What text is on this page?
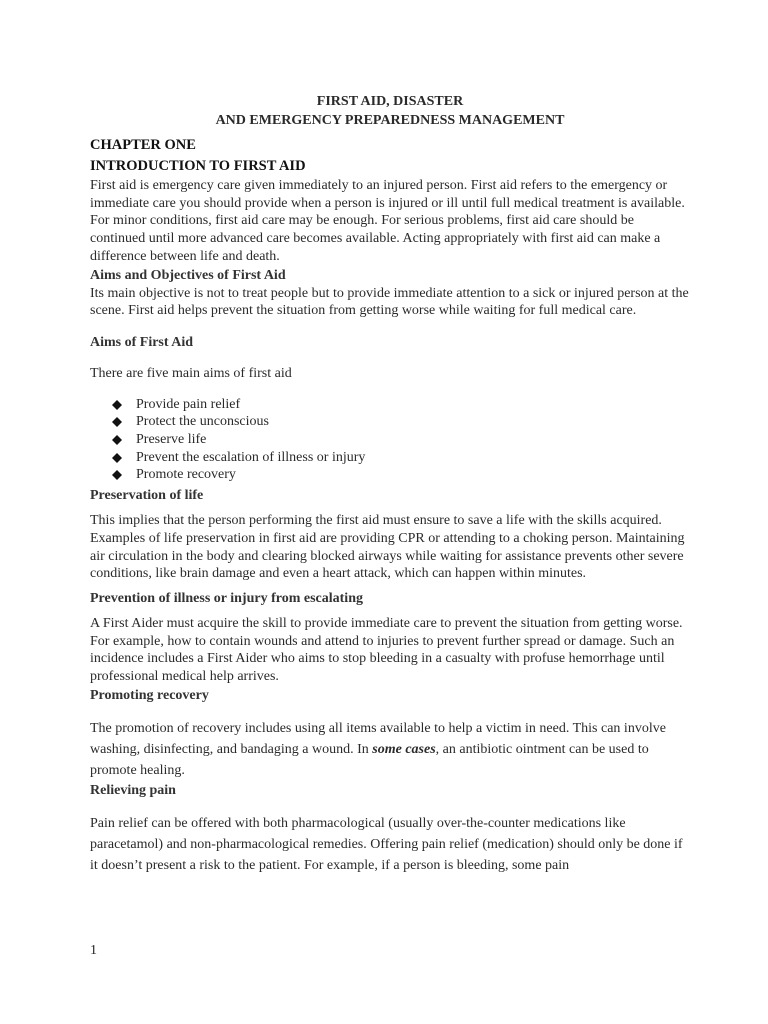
FIRST AID, DISASTER

AND EMERGENCY PREPAREDNESS MANAGEMENT

CHAPTER ONE

INTRODUCTION TO FIRST AID

First aid is emergency care given immediately to an injured person. First aid refers to the emergency or immediate care you should provide when a person is injured or ill until full medical treatment is available. For minor conditions, first aid care may be enough. For serious problems, first aid care should be continued until more advanced care becomes available. Acting appropriately with first aid can make a difference between life and death.

Aims and Objectives of First Aid

Its main objective is not to treat people but to provide immediate attention to a sick or injured person at the scene. First aid helps prevent the situation from getting worse while waiting for full medical care.

Aims of First Aid

There are five main aims of first aid

Provide pain relief
Protect the unconscious
Preserve life
Prevent the escalation of illness or injury
Promote recovery

Preservation of life

This implies that the person performing the first aid must ensure to save a life with the skills acquired. Examples of life preservation in first aid are providing CPR or attending to a choking person. Maintaining air circulation in the body and clearing blocked airways while waiting for assistance prevents other severe conditions, like brain damage and even a heart attack, which can happen within minutes.

Prevention of illness or injury from escalating

A First Aider must acquire the skill to provide immediate care to prevent the situation from getting worse. For example, how to contain wounds and attend to injuries to prevent further spread or damage. Such an incidence includes a First Aider who aims to stop bleeding in a casualty with profuse hemorrhage until professional medical help arrives.

Promoting recovery

The promotion of recovery includes using all items available to help a victim in need. This can involve washing, disinfecting, and bandaging a wound. In some cases, an antibiotic ointment can be used to promote healing.

Relieving pain

Pain relief can be offered with both pharmacological (usually over-the-counter medications like paracetamol) and non-pharmacological remedies. Offering pain relief (medication) should only be done if it doesn’t present a risk to the patient. For example, if a person is bleeding, some pain

1
